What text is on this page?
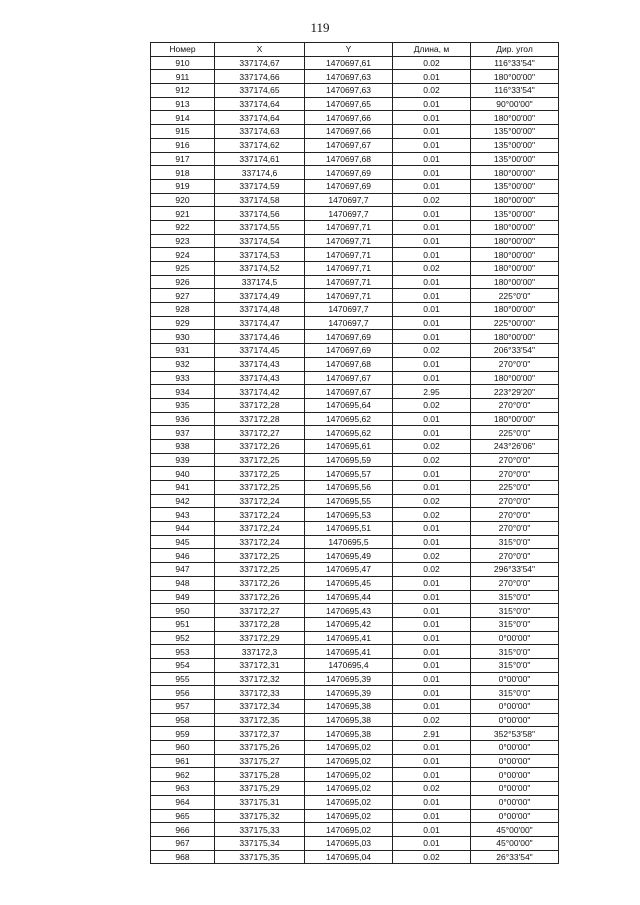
119
Номер	X	Y	Длина, м	Дир. угол
910	337174,67	1470697,61	0.02	116°33'54"
911	337174,66	1470697,63	0.01	180°00'00"
912	337174,65	1470697,63	0.02	116°33'54"
913	337174,64	1470697,65	0.01	90°00'00"
914	337174,64	1470697,66	0.01	180°00'00"
915	337174,63	1470697,66	0.01	135°00'00"
916	337174,62	1470697,67	0.01	135°00'00"
917	337174,61	1470697,68	0.01	135°00'00"
918	337174,6	1470697,69	0.01	180°00'00"
919	337174,59	1470697,69	0.01	135°00'00"
920	337174,58	1470697,7	0.02	180°00'00"
921	337174,56	1470697,7	0.01	135°00'00"
922	337174,55	1470697,71	0.01	180°00'00"
923	337174,54	1470697,71	0.01	180°00'00"
924	337174,53	1470697,71	0.01	180°00'00"
925	337174,52	1470697,71	0.02	180°00'00"
926	337174,5	1470697,71	0.01	180°00'00"
927	337174,49	1470697,71	0.01	225°0'0"
928	337174,48	1470697,7	0.01	180°00'00"
929	337174,47	1470697,7	0.01	225°00'00"
930	337174,46	1470697,69	0.01	180°00'00"
931	337174,45	1470697,69	0.02	206°33'54"
932	337174,43	1470697,68	0.01	270°0'0"
933	337174,43	1470697,67	0.01	180°00'00"
934	337174,42	1470697,67	2.95	223°29'20"
935	337172,28	1470695,64	0.02	270°0'0"
936	337172,28	1470695,62	0.01	180°00'00"
937	337172,27	1470695,62	0.01	225°0'0"
938	337172,26	1470695,61	0.02	243°26'06"
939	337172,25	1470695,59	0.02	270°0'0"
940	337172,25	1470695,57	0.01	270°0'0"
941	337172,25	1470695,56	0.01	225°0'0"
942	337172,24	1470695,55	0.02	270°0'0"
943	337172,24	1470695,53	0.02	270°0'0"
944	337172,24	1470695,51	0.01	270°0'0"
945	337172,24	1470695,5	0.01	315°0'0"
946	337172,25	1470695,49	0.02	270°0'0"
947	337172,25	1470695,47	0.02	296°33'54"
948	337172,26	1470695,45	0.01	270°0'0"
949	337172,26	1470695,44	0.01	315°0'0"
950	337172,27	1470695,43	0.01	315°0'0"
951	337172,28	1470695,42	0.01	315°0'0"
952	337172,29	1470695,41	0.01	0°00'00"
953	337172,3	1470695,41	0.01	315°0'0"
954	337172,31	1470695,4	0.01	315°0'0"
955	337172,32	1470695,39	0.01	0°00'00"
956	337172,33	1470695,39	0.01	315°0'0"
957	337172,34	1470695,38	0.01	0°00'00"
958	337172,35	1470695,38	0.02	0°00'00"
959	337172,37	1470695,38	2.91	352°53'58"
960	337175,26	1470695,02	0.01	0°00'00"
961	337175,27	1470695,02	0.01	0°00'00"
962	337175,28	1470695,02	0.01	0°00'00"
963	337175,29	1470695,02	0.02	0°00'00"
964	337175,31	1470695,02	0.01	0°00'00"
965	337175,32	1470695,02	0.01	0°00'00"
966	337175,33	1470695,02	0.01	45°00'00"
967	337175,34	1470695,03	0.01	45°00'00"
968	337175,35	1470695,04	0.02	26°33'54"
